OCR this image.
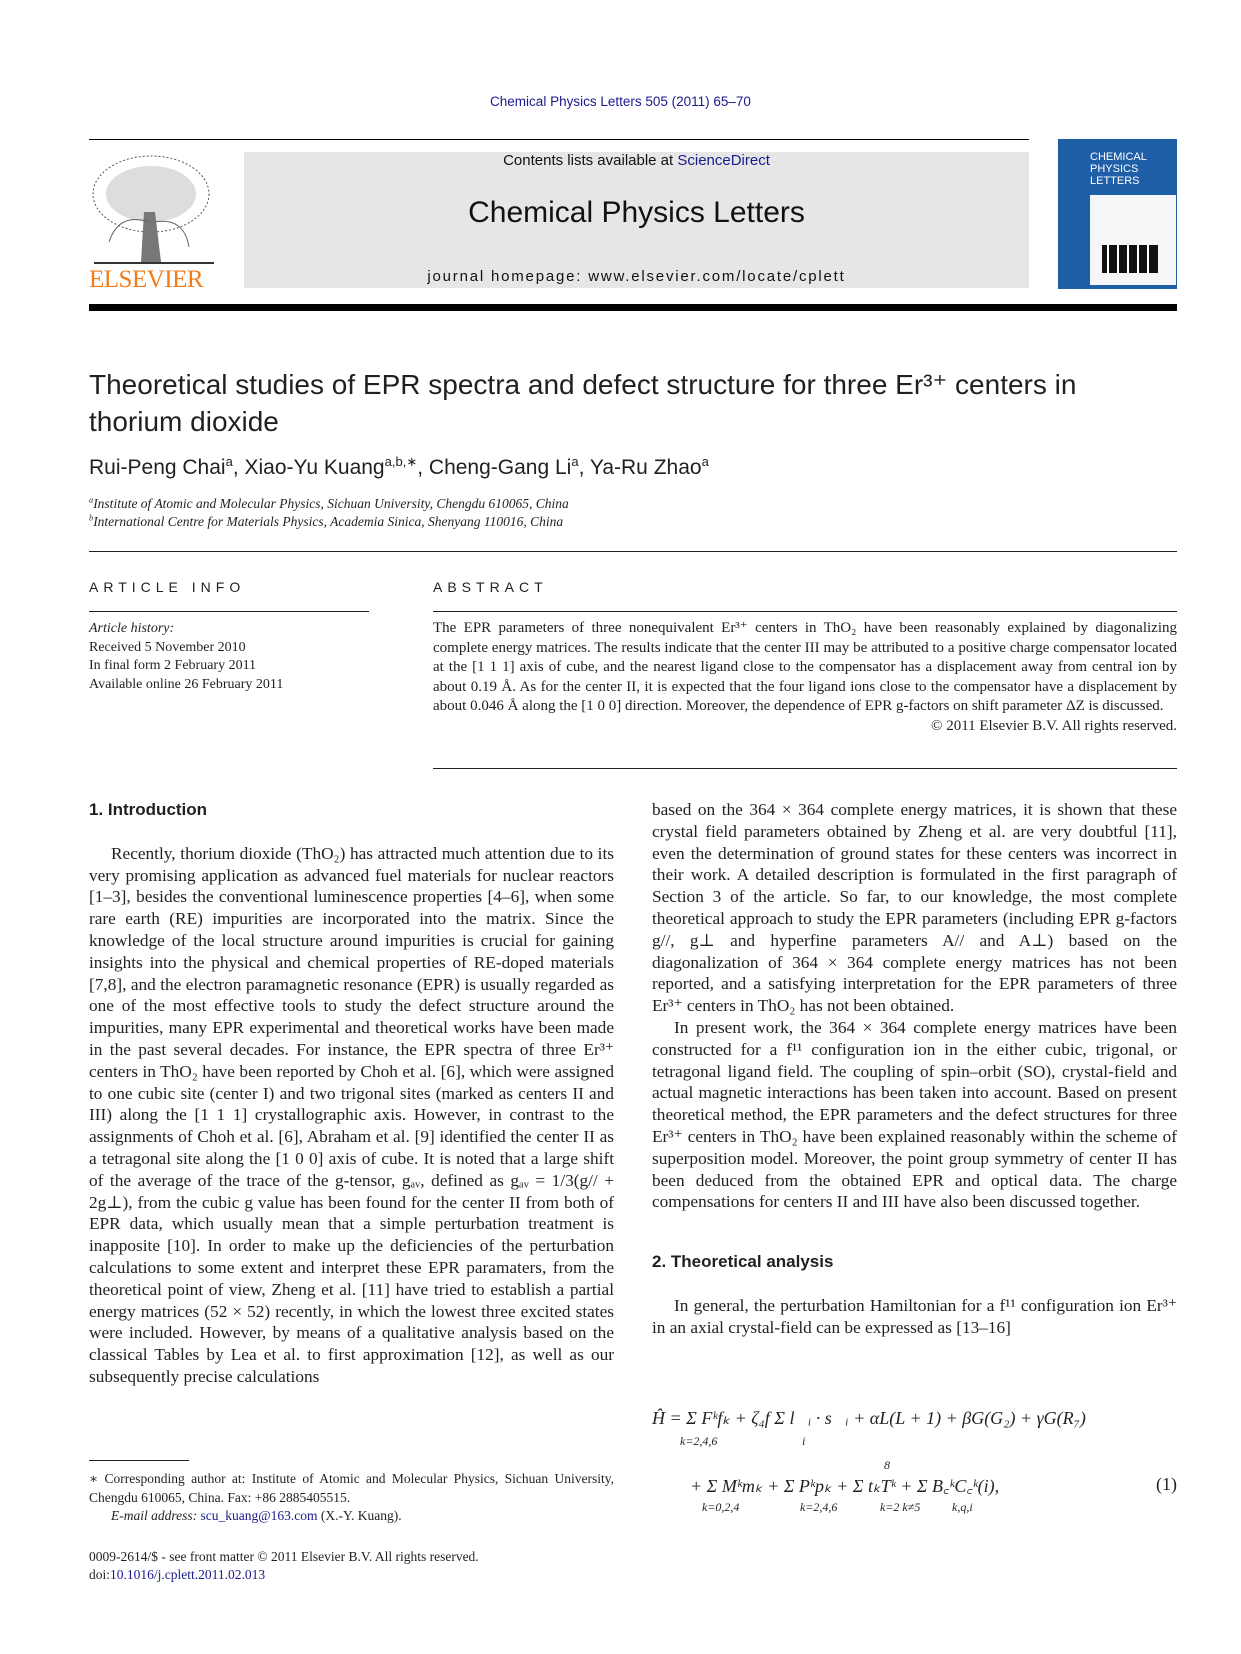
Chemical Physics Letters 505 (2011) 65–70
ELSEVIER
Contents lists available at ScienceDirect
Chemical Physics Letters
journal homepage: www.elsevier.com/locate/cplett
CHEMICAL PHYSICS LETTERS
Theoretical studies of EPR spectra and defect structure for three Er³⁺ centers in thorium dioxide
Rui-Peng Chai$^a$, Xiao-Yu Kuang$^{a,b,∗}$, Cheng-Gang Li$^a$, Ya-Ru Zhao$^a$
$^a$Institute of Atomic and Molecular Physics, Sichuan University, Chengdu 610065, China
$^b$International Centre for Materials Physics, Academia Sinica, Shenyang 110016, China
ARTICLE INFO
Article history:
Received 5 November 2010
In final form 2 February 2011
Available online 26 February 2011
ABSTRACT
The EPR parameters of three nonequivalent Er³⁺ centers in ThO₂ have been reasonably explained by diagonalizing complete energy matrices. The results indicate that the center III may be attributed to a positive charge compensator located at the [1 1 1] axis of cube, and the nearest ligand close to the compensator has a displacement away from central ion by about 0.19 Å. As for the center II, it is expected that the four ligand ions close to the compensator have a displacement by about 0.046 Å along the [1 0 0] direction. Moreover, the dependence of EPR g-factors on shift parameter ΔZ is discussed.
© 2011 Elsevier B.V. All rights reserved.
1. Introduction

Recently, thorium dioxide (ThO₂) has attracted much attention due to its very promising application as advanced fuel materials for nuclear reactors [1–3], besides the conventional luminescence properties [4–6], when some rare earth (RE) impurities are incorporated into the matrix. Since the knowledge of the local structure around impurities is crucial for gaining insights into the physical and chemical properties of RE-doped materials [7,8], and the electron paramagnetic resonance (EPR) is usually regarded as one of the most effective tools to study the defect structure around the impurities, many EPR experimental and theoretical works have been made in the past several decades. For instance, the EPR spectra of three Er³⁺ centers in ThO₂ have been reported by Choh et al. [6], which were assigned to one cubic site (center I) and two trigonal sites (marked as centers II and III) along the [1 1 1] crystallographic axis. However, in contrast to the assignments of Choh et al. [6], Abraham et al. [9] identified the center II as a tetragonal site along the [1 0 0] axis of cube. It is noted that a large shift of the average of the trace of the g-tensor, gₐᵥ, defined as gₐᵥ = 1/3(g// + 2g⊥), from the cubic g value has been found for the center II from both of EPR data, which usually mean that a simple perturbation treatment is inapposite [10]. In order to make up the deficiencies of the perturbation calculations to some extent and interpret these EPR paramaters, from the theoretical point of view, Zheng et al. [11] have tried to establish a partial energy matrices (52 × 52) recently, in which the lowest three excited states were included. However, by means of a qualitative analysis based on the classical Tables by Lea et al. to first approximation [12], as well as our subsequently precise calculations

based on the 364 × 364 complete energy matrices, it is shown that these crystal field parameters obtained by Zheng et al. are very doubtful [11], even the determination of ground states for these centers was incorrect in their work. A detailed description is formulated in the first paragraph of Section 3 of the article. So far, to our knowledge, the most complete theoretical approach to study the EPR parameters (including EPR g-factors g//, g⊥ and hyperfine parameters A// and A⊥) based on the diagonalization of 364 × 364 complete energy matrices has not been reported, and a satisfying interpretation for the EPR parameters of three Er³⁺ centers in ThO₂ has not been obtained.

In present work, the 364 × 364 complete energy matrices have been constructed for a f¹¹ configuration ion in the either cubic, trigonal, or tetragonal ligand field. The coupling of spin–orbit (SO), crystal-field and actual magnetic interactions has been taken into account. Based on present theoretical method, the EPR parameters and the defect structures for three Er³⁺ centers in ThO₂ have been explained reasonably within the scheme of superposition model. Moreover, the point group symmetry of center II has been deduced from the obtained EPR and optical data. The charge compensations for centers II and III have also been discussed together.

2. Theoretical analysis

In general, the perturbation Hamiltonian for a f¹¹ configuration ion Er³⁺ in an axial crystal-field can be expressed as [13–16]

Ĥ = Σ Fᵏfₖ + ζ₄f Σ l⃗ᵢ · s⃗ᵢ + αL(L + 1) + βG(G₂) + γG(R₇)
k=2,4,6	i
+ Σ Mᵏmₖ + Σ Pᵏpₖ + Σ tₖTᵏ + Σ B꜀ᵏC꜀ᵏ(i),
k=0,2,4	k=2,4,6
8
k=2 k≠5	k,q,i
(1)
∗ Corresponding author at: Institute of Atomic and Molecular Physics, Sichuan University, Chengdu 610065, China. Fax: +86 2885405515.
E-mail address: scu_kuang@163.com (X.-Y. Kuang).
0009-2614/$ - see front matter © 2011 Elsevier B.V. All rights reserved.
doi:10.1016/j.cplett.2011.02.013
